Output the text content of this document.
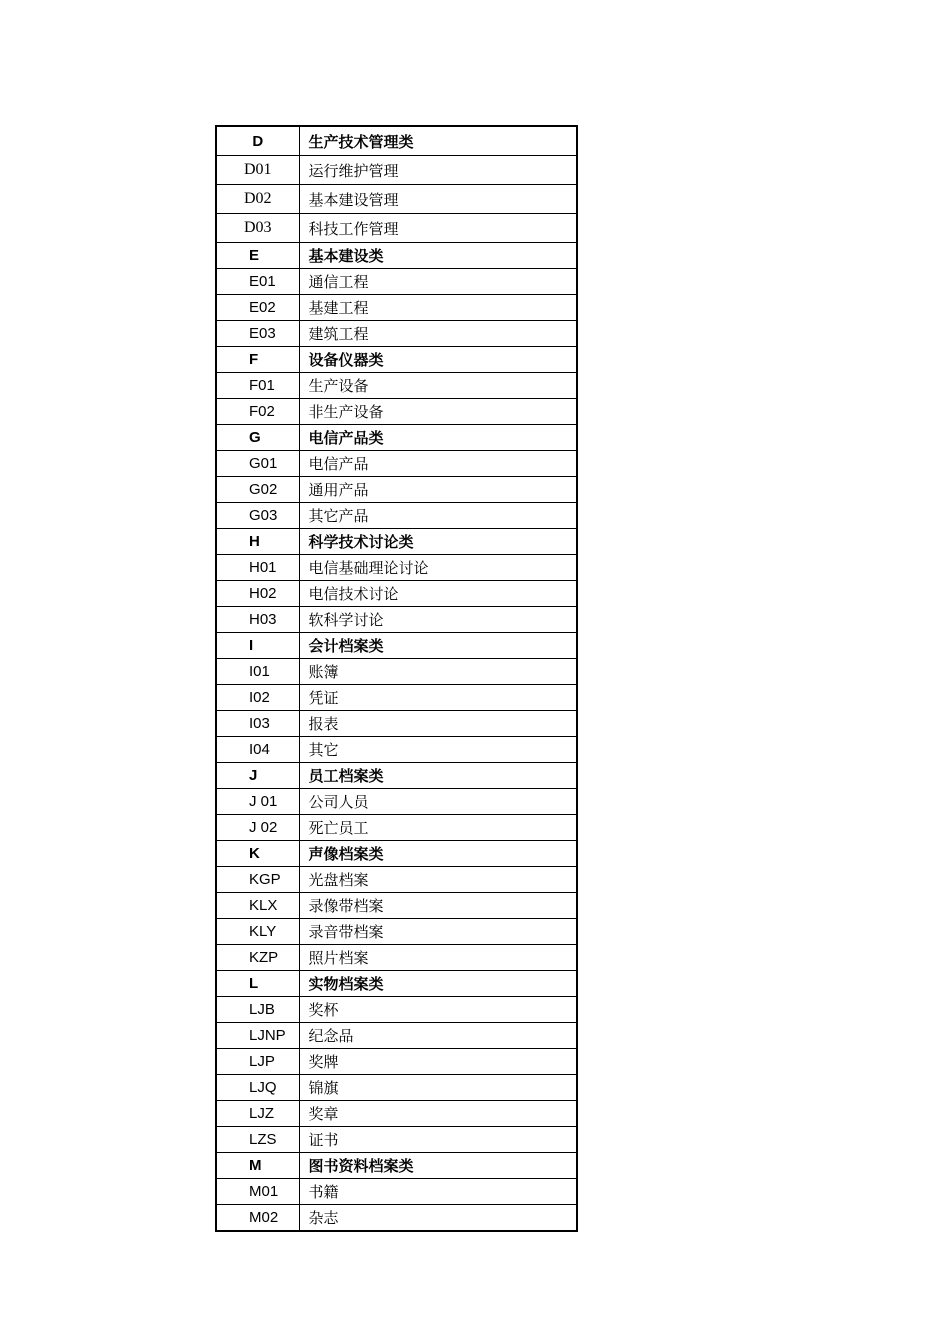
D	生产技术管理类
D01	运行维护管理
D02	基本建设管理
D03	科技工作管理
E	基本建设类
E01	通信工程
E02	基建工程
E03	建筑工程
F	设备仪器类
F01	生产设备
F02	非生产设备
G	电信产品类
G01	电信产品
G02	通用产品
G03	其它产品
H	科学技术讨论类
H01	电信基础理论讨论
H02	电信技术讨论
H03	软科学讨论
I	会计档案类
I01	账簿
I02	凭证
I03	报表
I04	其它
J	员工档案类
J 01	公司人员
J 02	死亡员工
K	声像档案类
KGP	光盘档案
KLX	录像带档案
KLY	录音带档案
KZP	照片档案
L	实物档案类
LJB	奖杯
LJNP	纪念品
LJP	奖牌
LJQ	锦旗
LJZ	奖章
LZS	证书
M	图书资料档案类
M01	书籍
M02	杂志
